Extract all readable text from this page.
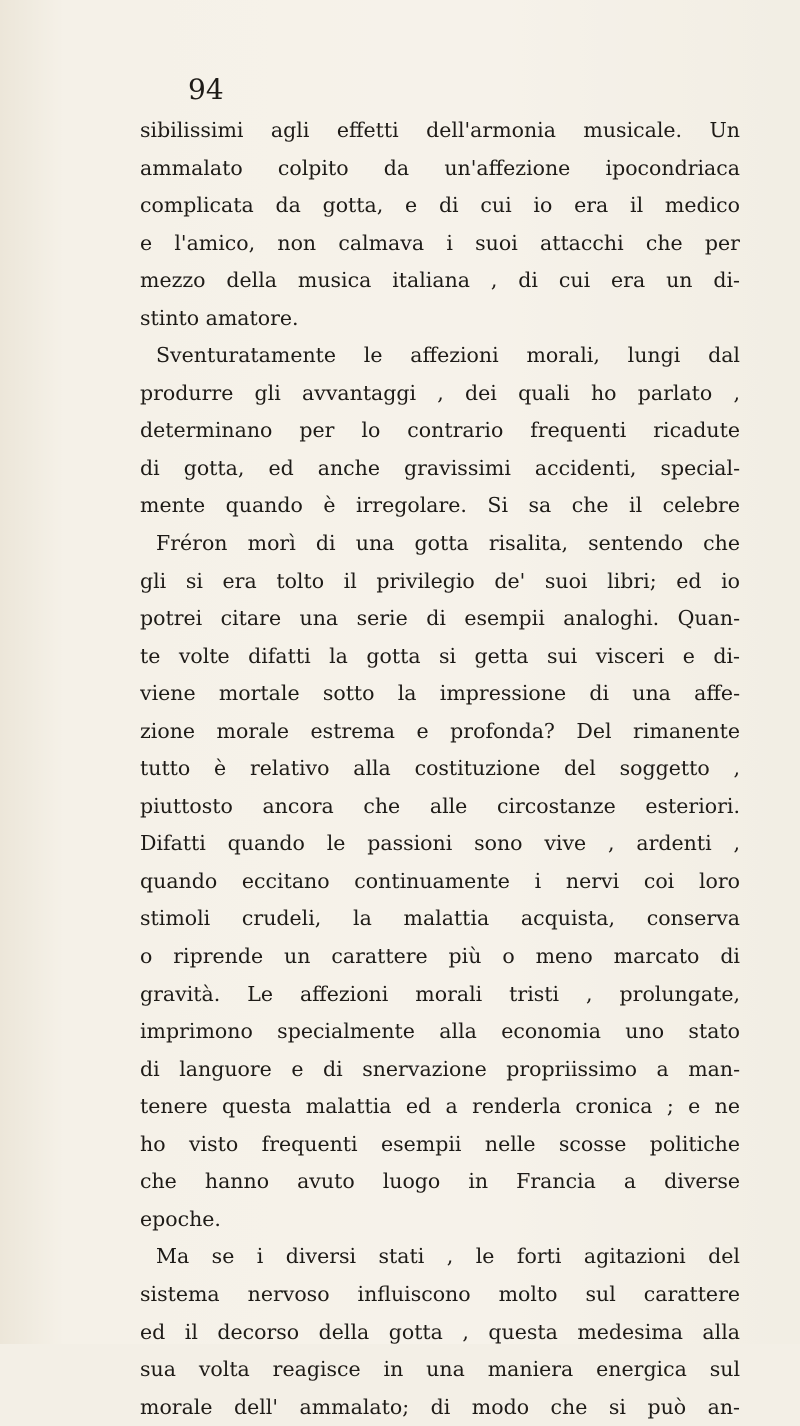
94
sibilissimi agli effetti dell'armonia musicale. Un
ammalato colpito da un'affezione ipocondriaca
complicata da gotta, e di cui io era il medico
e l'amico, non calmava i suoi attacchi che per
mezzo della musica italiana , di cui era un di-
stinto amatore.
Sventuratamente le affezioni morali, lungi dal
produrre gli avvantaggi , dei quali ho parlato ,
determinano per lo contrario frequenti ricadute
di gotta, ed anche gravissimi accidenti, special-
mente quando è irregolare. Si sa che il celebre
Fréron morì di una gotta risalita, sentendo che
gli si era tolto il privilegio de' suoi libri; ed io
potrei citare una serie di esempii analoghi. Quan-
te volte difatti la gotta si getta sui visceri e di-
viene mortale sotto la impressione di una affe-
zione morale estrema e profonda? Del rimanente
tutto è relativo alla costituzione del soggetto ,
piuttosto ancora che alle circostanze esteriori.
Difatti quando le passioni sono vive , ardenti ,
quando eccitano continuamente i nervi coi loro
stimoli crudeli, la malattia acquista, conserva
o riprende un carattere più o meno marcato di
gravità. Le affezioni morali tristi , prolungate,
imprimono specialmente alla economia uno stato
di languore e di snervazione propriissimo a man-
tenere questa malattia ed a renderla cronica ; e ne
ho visto frequenti esempii nelle scosse politiche
che hanno avuto luogo in Francia a diverse
epoche.
Ma se i diversi stati , le forti agitazioni del
sistema nervoso influiscono molto sul carattere
ed il decorso della gotta , questa medesima alla
sua volta reagisce in una maniera energica sul
morale dell' ammalato; di modo che si può an-
